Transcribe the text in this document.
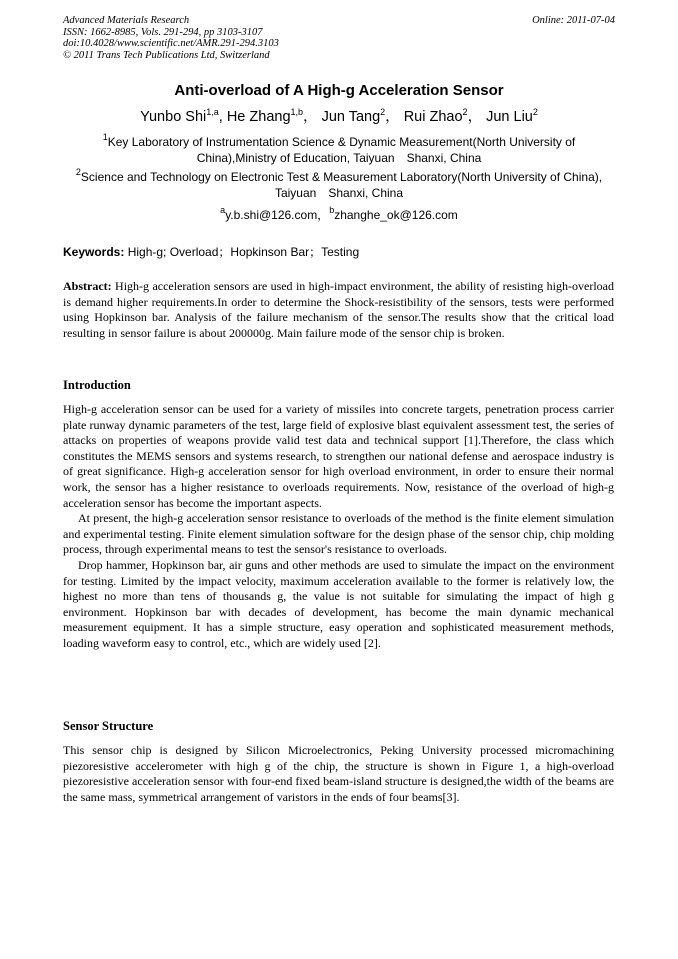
Advanced Materials Research
ISSN: 1662-8985, Vols. 291-294, pp 3103-3107
doi:10.4028/www.scientific.net/AMR.291-294.3103
© 2011 Trans Tech Publications Ltd, Switzerland
Online: 2011-07-04
Anti-overload of A High-g Acceleration Sensor
Yunbo Shi$^{1,a}$, He Zhang$^{1,b}$， Jun Tang$^2$， Rui Zhao$^2$， Jun Liu$^2$
$^1$Key Laboratory of Instrumentation Science & Dynamic Measurement(North University of
China),Ministry of Education, Taiyuan　Shanxi, China
$^2$Science and Technology on Electronic Test & Measurement Laboratory(North University of China),
Taiyuan　Shanxi, China
$^a$y.b.shi@126.com，$^b$zhanghe_ok@126.com
Keywords: High-g; Overload；Hopkinson Bar；Testing

Abstract: High-g acceleration sensors are used in high-impact environment, the ability of resisting high-overload is demand higher requirements.In order to determine the Shock-resistibility of the sensors, tests were performed using Hopkinson bar. Analysis of the failure mechanism of the sensor.The results show that the critical load resulting in sensor failure is about 200000g. Main failure mode of the sensor chip is broken.

Introduction

High-g acceleration sensor can be used for a variety of missiles into concrete targets, penetration process carrier plate runway dynamic parameters of the test, large field of explosive blast equivalent assessment test, the series of attacks on properties of weapons provide valid test data and technical support [1].Therefore, the class which constitutes the MEMS sensors and systems research, to strengthen our national defense and aerospace industry is of great significance. High-g acceleration sensor for high overload environment, in order to ensure their normal work, the sensor has a higher resistance to overloads requirements. Now, resistance of the overload of high-g acceleration sensor has become the important aspects.

At present, the high-g acceleration sensor resistance to overloads of the method is the finite element simulation and experimental testing. Finite element simulation software for the design phase of the sensor chip, chip molding process, through experimental means to test the sensor's resistance to overloads.

Drop hammer, Hopkinson bar, air guns and other methods are used to simulate the impact on the environment for testing. Limited by the impact velocity, maximum acceleration available to the former is relatively low, the highest no more than tens of thousands g, the value is not suitable for simulating the impact of high g environment. Hopkinson bar with decades of development, has become the main dynamic mechanical measurement equipment. It has a simple structure, easy operation and sophisticated measurement methods, loading waveform easy to control, etc., which are widely used [2].

Sensor Structure

This sensor chip is designed by Silicon Microelectronics, Peking University processed micromachining piezoresistive accelerometer with high g of the chip, the structure is shown in Figure 1, a high-overload piezoresistive acceleration sensor with four-end fixed beam-island structure is designed,the width of the beams are the same mass, symmetrical arrangement of varistors in the ends of four beams[3].
